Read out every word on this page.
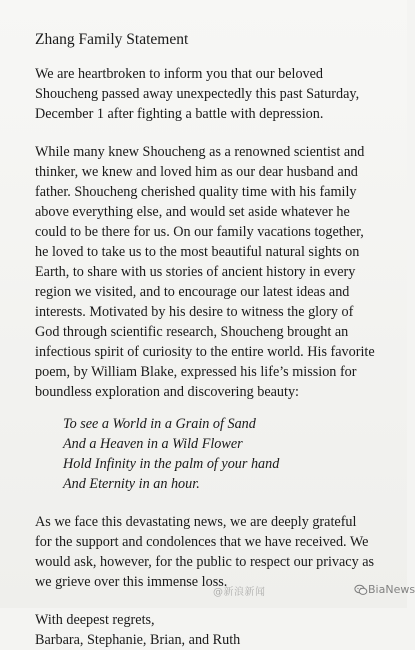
Zhang Family Statement
We are heartbroken to inform you that our beloved
Shoucheng passed away unexpectedly this past Saturday,
December 1 after fighting a battle with depression.
While many knew Shoucheng as a renowned scientist and
thinker, we knew and loved him as our dear husband and
father. Shoucheng cherished quality time with his family
above everything else, and would set aside whatever he
could to be there for us. On our family vacations together,
he loved to take us to the most beautiful natural sights on
Earth, to share with us stories of ancient history in every
region we visited, and to encourage our latest ideas and
interests. Motivated by his desire to witness the glory of
God through scientific research, Shoucheng brought an
infectious spirit of curiosity to the entire world. His favorite
poem, by William Blake, expressed his life’s mission for
boundless exploration and discovering beauty:
To see a World in a Grain of Sand
And a Heaven in a Wild Flower
Hold Infinity in the palm of your hand
And Eternity in an hour.
As we face this devastating news, we are deeply grateful
for the support and condolences that we have received. We
would ask, however, for the public to respect our privacy as
we grieve over this immense loss.
With deepest regrets,
Barbara, Stephanie, Brian, and Ruth
@新浪新闻	BiaNews
